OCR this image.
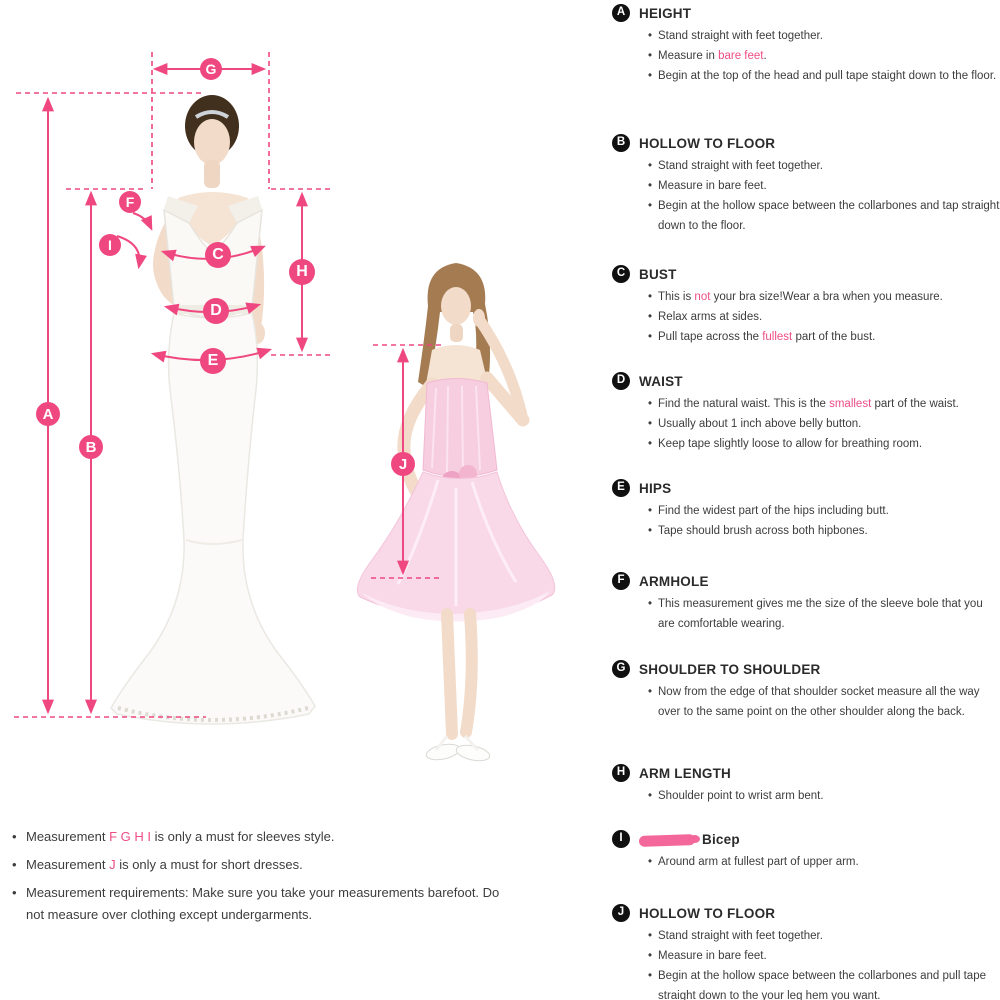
G
A
B
F
I
C
D
E
H
J
A	HEIGHT
• Stand straight with feet together.
• Measure in bare feet.
• Begin at the top of the head and pull tape staight down to the floor.
B	HOLLOW TO FLOOR
• Stand straight with feet together.
• Measure in bare feet.
• Begin at the hollow space between the collarbones and tap straight down to the floor.
C	BUST
• This is not your bra size!Wear a bra when you measure.
• Relax arms at sides.
• Pull tape across the fullest part of the bust.
D	WAIST
• Find the natural waist. This is the smallest part of the waist.
• Usually about 1 inch above belly button.
• Keep tape slightly loose to allow for breathing room.
E	HIPS
• Find the widest part of the hips including butt.
• Tape should brush across both hipbones.
F	ARMHOLE
• This measurement gives me the size of the sleeve bole that you are comfortable wearing.
G	SHOULDER TO SHOULDER
• Now from the edge of that shoulder socket measure all the way over to the same point on the other shoulder along the back.
H	ARM LENGTH
• Shoulder point to wrist arm bent.
I	Bicep
• Around arm at fullest part of upper arm.
J	HOLLOW TO FLOOR
• Stand straight with feet together.
• Measure in bare feet.
• Begin at the hollow space between the collarbones and pull tape straight down to the your leg hem you want.
• Measurement F G H I is only a must for sleeves style.
• Measurement J is only a must for short dresses.
• Measurement requirements: Make sure you take your measurements barefoot. Do not measure over clothing except undergarments.
